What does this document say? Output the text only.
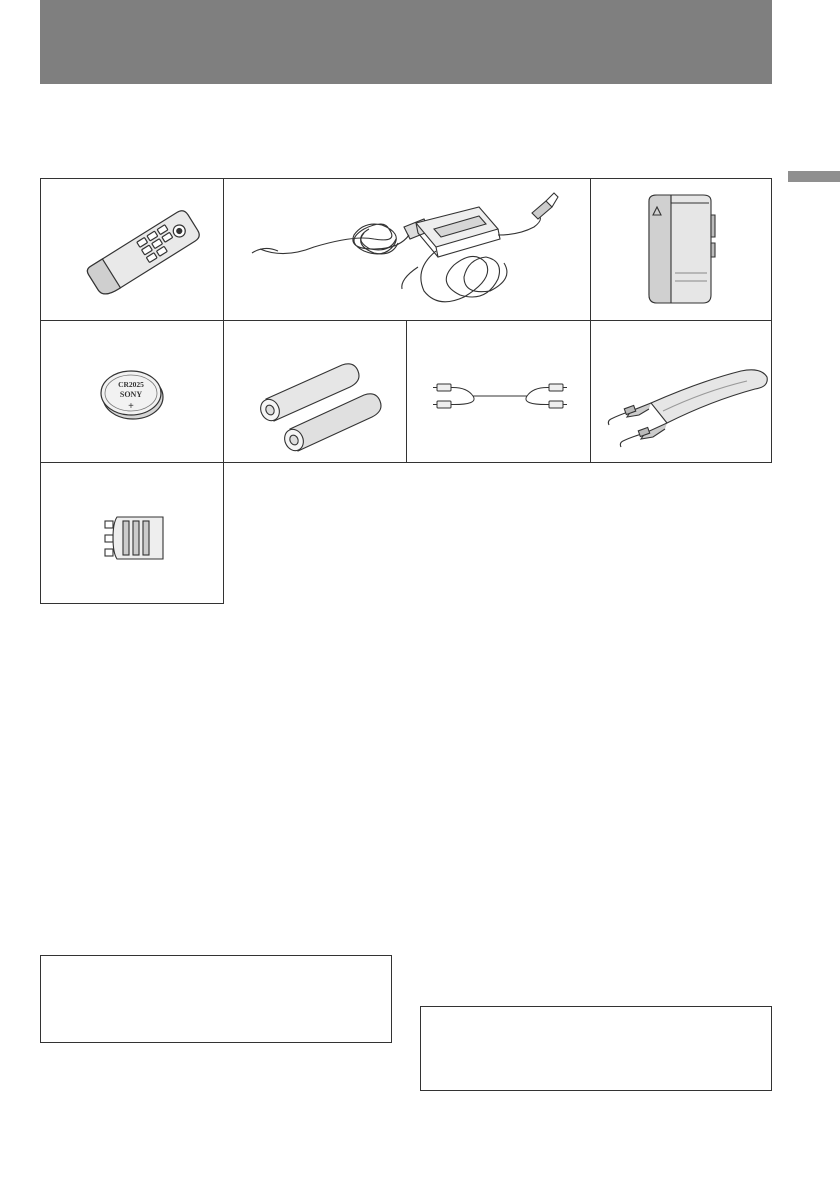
CR2025
SONY
+
